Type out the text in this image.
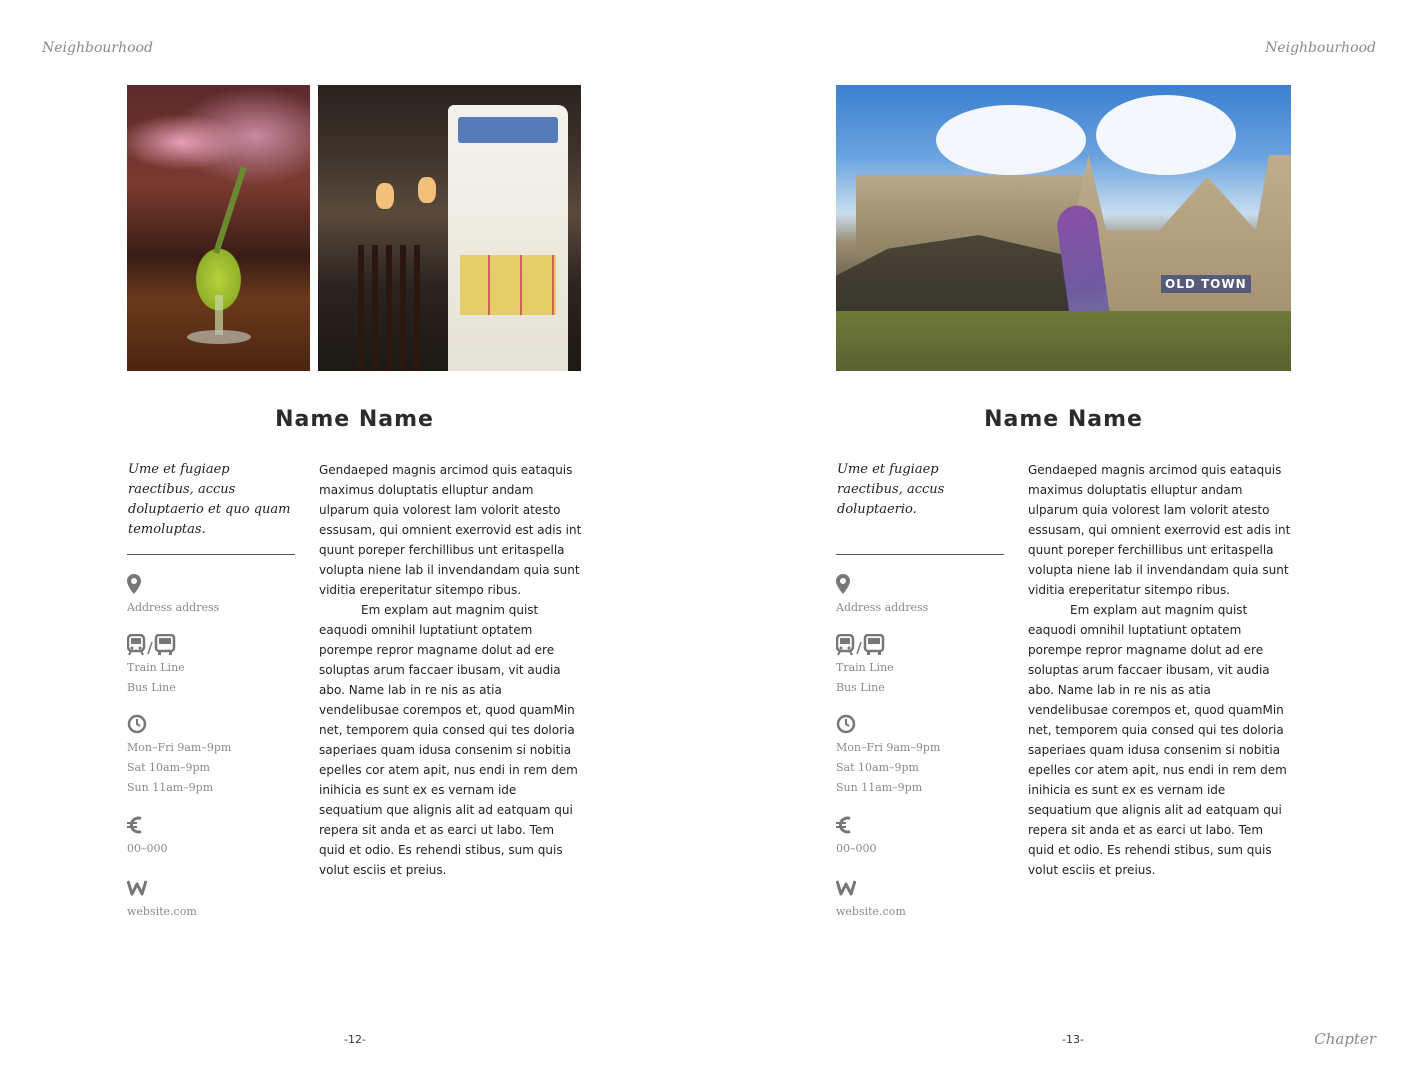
Neighbourhood
Name Name
Ume et fugiaep raectibus, accus doluptaerio et quo quam temoluptas.
Address address
Train Line
Bus Line
Mon–Fri 9am–9pm
Sat 10am–9pm
Sun 11am–9pm
00–000
website.com

Gendaeped magnis arcimod quis eataquis maximus doluptatis elluptur andam ulparum quia volorest lam volorit atesto essusam, qui omnient exerrovid est adis int quunt poreper ferchillibus unt eritaspella volupta niene lab il invendandam quia sunt viditia ereperitatur sitempo ribus.

Em explam aut magnim quist eaquodi omnihil luptatiunt optatem porempe repror magname dolut ad ere soluptas arum faccaer ibusam, vit audia abo. Name lab in re nis as atia vendelibusae corempos et, quod quamMin net, temporem quia consed qui tes doloria saperiaes quam idusa consenim si nobitia epelles cor atem apit, nus endi in rem dem inihicia es sunt ex es vernam ide sequatium que alignis alit ad eatquam qui repera sit anda et as earci ut labo. Tem quid et odio. Es rehendi stibus, sum quis volut esciis et preius.

-12-
Neighbourhood
OLD TOWN
Name Name
Ume et fugiaep raectibus, accus doluptaerio.
Address address
Train Line
Bus Line
Mon–Fri 9am–9pm
Sat 10am–9pm
Sun 11am–9pm
00–000
website.com

Gendaeped magnis arcimod quis eataquis maximus doluptatis elluptur andam ulparum quia volorest lam volorit atesto essusam, qui omnient exerrovid est adis int quunt poreper ferchillibus unt eritaspella volupta niene lab il invendandam quia sunt viditia ereperitatur sitempo ribus.

Em explam aut magnim quist eaquodi omnihil luptatiunt optatem porempe repror magname dolut ad ere soluptas arum faccaer ibusam, vit audia abo. Name lab in re nis as atia vendelibusae corempos et, quod quamMin net, temporem quia consed qui tes doloria saperiaes quam idusa consenim si nobitia epelles cor atem apit, nus endi in rem dem inihicia es sunt ex es vernam ide sequatium que alignis alit ad eatquam qui repera sit anda et as earci ut labo. Tem quid et odio. Es rehendi stibus, sum quis volut esciis et preius.

-13-	Chapter
